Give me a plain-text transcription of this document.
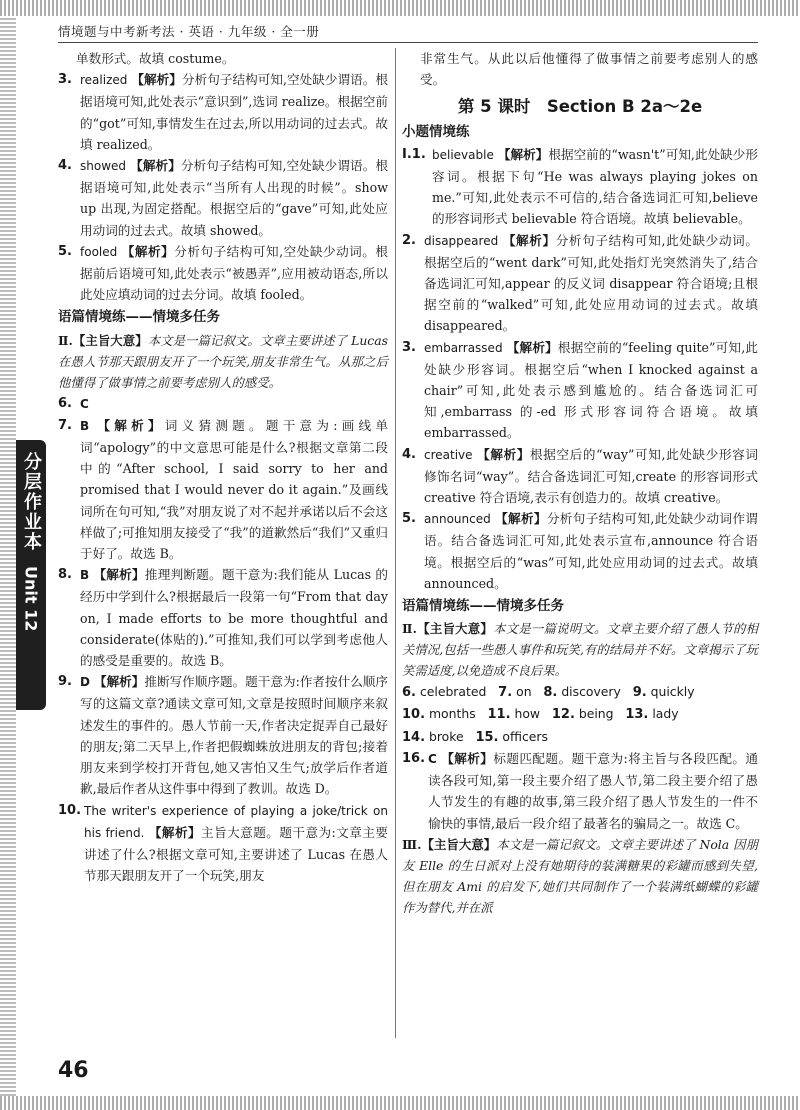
情境题与中考新考法 · 英语 · 九年级 · 全一册
分层作业本
Unit 12

单数形式。故填 costume。

3. realized 【解析】分析句子结构可知,空处缺少谓语。根据语境可知,此处表示“意识到”,选词 realize。根据空前的“got”可知,事情发生在过去,所以用动词的过去式。故填 realized。

4. showed 【解析】分析句子结构可知,空处缺少谓语。根据语境可知,此处表示“当所有人出现的时候”。show up 出现,为固定搭配。根据空后的“gave”可知,此处应用动词的过去式。故填 showed。

5. fooled 【解析】分析句子结构可知,空处缺少动词。根据前后语境可知,此处表示“被愚弄”,应用被动语态,所以此处应填动词的过去分词。故填 fooled。

语篇情境练——情境多任务

Ⅱ.【主旨大意】本文是一篇记叙文。文章主要讲述了 Lucas 在愚人节那天跟朋友开了一个玩笑,朋友非常生气。从那之后他懂得了做事情之前要考虑别人的感受。

6. C

7. B 【解析】词义猜测题。题干意为:画线单词“apology”的中文意思可能是什么?根据文章第二段中的“After school, I said sorry to her and promised that I would never do it again.”及画线词所在句可知,“我”对朋友说了对不起并承诺以后不会这样做了;可推知朋友接受了“我”的道歉然后“我们”又重归于好了。故选 B。

8. B 【解析】推理判断题。题干意为:我们能从 Lucas 的经历中学到什么?根据最后一段第一句“From that day on, I made efforts to be more thoughtful and considerate(体贴的).”可推知,我们可以学到考虑他人的感受是重要的。故选 B。

9. D 【解析】推断写作顺序题。题干意为:作者按什么顺序写的这篇文章?通读文章可知,文章是按照时间顺序来叙述发生的事件的。愚人节前一天,作者决定捉弄自己最好的朋友;第二天早上,作者把假蜘蛛放进朋友的背包;接着朋友来到学校打开背包,她又害怕又生气;放学后作者道歉,最后作者从这件事中得到了教训。故选 D。

10. The writer's experience of playing a joke/trick on his friend. 【解析】主旨大意题。题干意为:文章主要讲述了什么?根据文章可知,主要讲述了 Lucas 在愚人节那天跟朋友开了一个玩笑,朋友

非常生气。从此以后他懂得了做事情之前要考虑别人的感受。

第 5 课时　Section B 2a～2e
小题情境练

Ⅰ.1. believable 【解析】根据空前的“wasn't”可知,此处缺少形容词。根据下句“He was always playing jokes on me.”可知,此处表示不可信的,结合备选词汇可知,believe 的形容词形式 believable 符合语境。故填 believable。

2. disappeared 【解析】分析句子结构可知,此处缺少动词。根据空后的“went dark”可知,此处指灯光突然消失了,结合备选词汇可知,appear 的反义词 disappear 符合语境;且根据空前的“walked”可知,此处应用动词的过去式。故填 disappeared。

3. embarrassed 【解析】根据空前的“feeling quite”可知,此处缺少形容词。根据空后“when I knocked against a chair”可知,此处表示感到尴尬的。结合备选词汇可知,embarrass 的-ed 形式形容词符合语境。故填 embarrassed。

4. creative 【解析】根据空后的“way”可知,此处缺少形容词修饰名词“way”。结合备选词汇可知,create 的形容词形式 creative 符合语境,表示有创造力的。故填 creative。

5. announced 【解析】分析句子结构可知,此处缺少动词作谓语。结合备选词汇可知,此处表示宣布,announce 符合语境。根据空后的“was”可知,此处应用动词的过去式。故填 announced。

语篇情境练——情境多任务

Ⅱ.【主旨大意】本文是一篇说明文。文章主要介绍了愚人节的相关情况,包括一些愚人事件和玩笑,有的结局并不好。文章揭示了玩笑需适度,以免造成不良后果。

6. celebrated 7. on 8. discovery 9. quickly

10. months 11. how 12. being 13. lady

14. broke 15. officers

16. C 【解析】标题匹配题。题干意为:将主旨与各段匹配。通读各段可知,第一段主要介绍了愚人节,第二段主要介绍了愚人节发生的有趣的故事,第三段介绍了愚人节发生的一件不愉快的事情,最后一段介绍了最著名的骗局之一。故选 C。

Ⅲ.【主旨大意】本文是一篇记叙文。文章主要讲述了 Nola 因朋友 Elle 的生日派对上没有她期待的装满糖果的彩罐而感到失望,但在朋友 Ami 的启发下,她们共同制作了一个装满纸蝴蝶的彩罐作为替代,并在派

46
